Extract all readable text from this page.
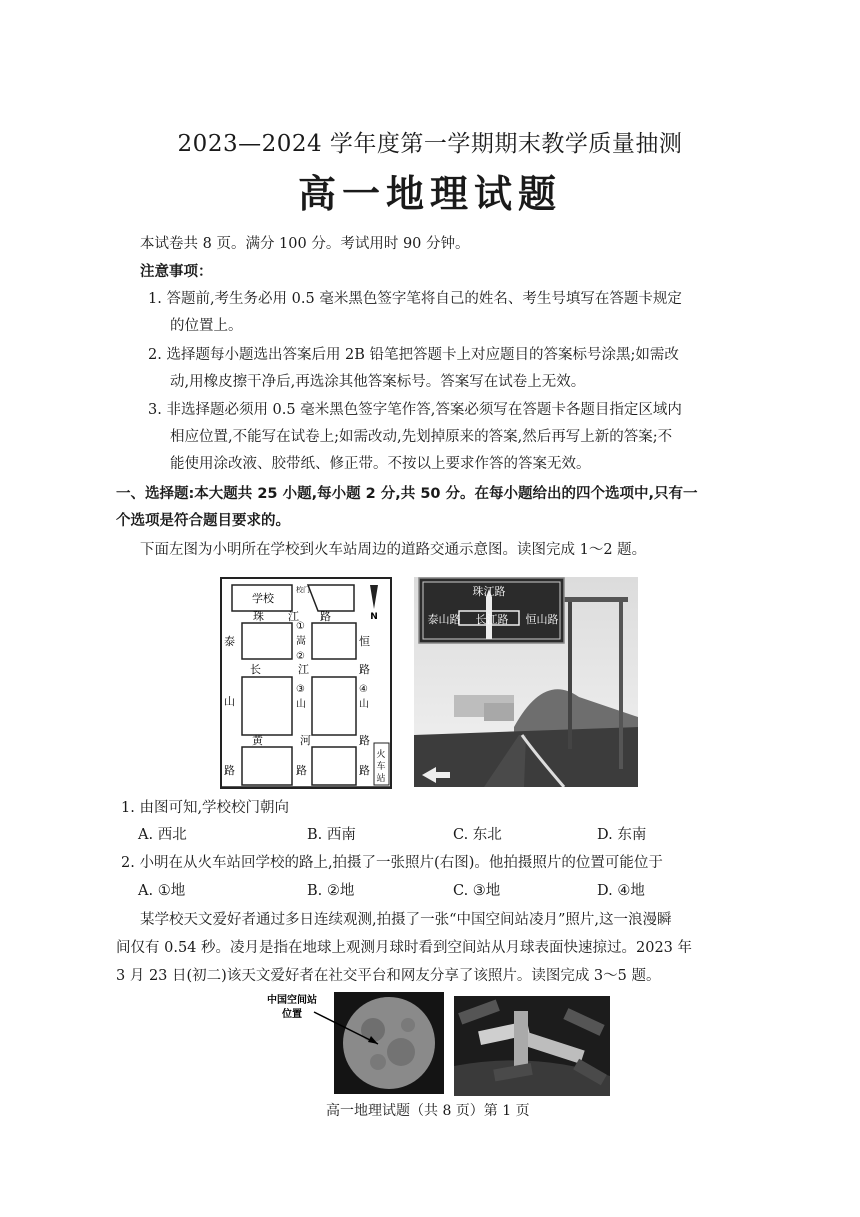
2023—2024 学年度第一学期期末教学质量抽测
高一地理试题
本试卷共 8 页。满分 100 分。考试用时 90 分钟。
注意事项：
1. 答题前,考生务必用 0.5 毫米黑色签字笔将自己的姓名、考生号填写在答题卡规定
的位置上。
2. 选择题每小题选出答案后用 2B 铅笔把答题卡上对应题目的答案标号涂黑;如需改
动,用橡皮擦干净后,再选涂其他答案标号。答案写在试卷上无效。
3. 非选择题必须用 0.5 毫米黑色签字笔作答,答案必须写在答题卡各题目指定区域内
相应位置,不能写在试卷上;如需改动,先划掉原来的答案,然后再写上新的答案;不
能使用涂改液、胶带纸、修正带。不按以上要求作答的答案无效。
一、选择题:本大题共 25 小题,每小题 2 分,共 50 分。在每小题给出的四个选项中,只有一
个选项是符合题目要求的。
下面左图为小明所在学校到火车站周边的道路交通示意图。读图完成 1～2 题。
N
学校
校门
珠 江 路
泰
山
路
①
嵩
②
恒
长	江	路
③
山
④
山
黄	河	路
路	路
火
车
站
珠江路
泰山路 长江路 恒山路
1. 由图可知,学校校门朝向
A. 西北	B. 西南	C. 东北	D. 东南
2. 小明在从火车站回学校的路上,拍摄了一张照片(右图)。他拍摄照片的位置可能位于
A. ①地	B. ②地	C. ③地	D. ④地
某学校天文爱好者通过多日连续观测,拍摄了一张“中国空间站凌月”照片,这一浪漫瞬
间仅有 0.54 秒。凌月是指在地球上观测月球时看到空间站从月球表面快速掠过。2023 年
3 月 23 日(初二)该天文爱好者在社交平台和网友分享了该照片。读图完成 3～5 题。
中国空间站
位置
高一地理试题（共 8 页）第 1 页
